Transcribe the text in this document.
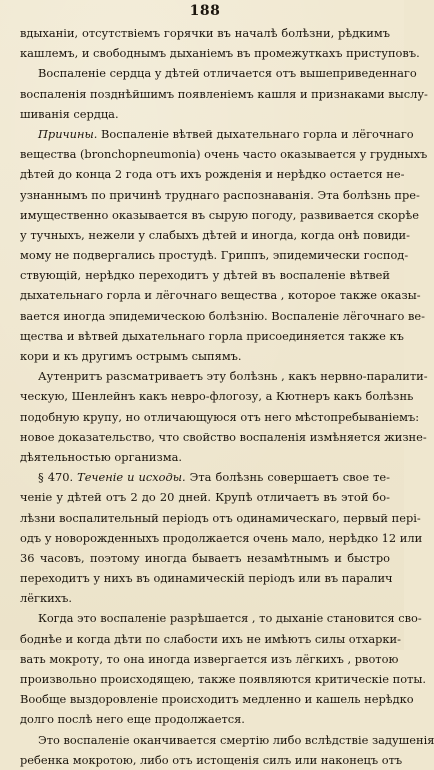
188
вдыханіи, отсутствіемъ горячки въ началѣ болѣзни, рѣдкимъ
кашлемъ, и свободнымъ дыханіемъ въ промежуткахъ приступовъ.
Воспаленіе сердца у дѣтей отличается отъ вышеприведеннаго
воспаленія позднѣйшимъ появленіемъ кашля и признаками выслу-
шиванія сердца.
Причины. Воспаленіе вѣтвей дыхательнаго горла и лёгочнаго
вещества (bronchopneumonia) очень часто оказывается у грудныхъ
дѣтей до конца 2 года отъ ихъ рожденія и нерѣдко остается не-
узнаннымъ по причинѣ труднаго распознаванія. Эта болѣзнь пре-
имущественно оказывается въ сырую погоду, развивается скорѣе
у тучныхъ, нежели у слабыхъ дѣтей и иногда, когда онѣ повиди-
мому не подвергались простудѣ. Гриппъ, эпидемически господ-
ствующій, нерѣдко переходитъ у дѣтей въ воспаленіе вѣтвей
дыхательнаго горла и лёгочнаго вещества , которое также оказы-
вается иногда эпидемическою болѣзнію. Воспаленіе лёгочнаго ве-
щества и вѣтвей дыхательнаго горла присоединяется также къ
кори и къ другимъ острымъ сыпямъ.
Аутенритъ разсматриваетъ эту болѣзнь , какъ нервно-паралити-
ческую, Шенлейнъ какъ невро-флогозу, а Кютнеръ какъ болѣзнь
подобную крупу, но отличающуюся отъ него мѣстопребываніемъ:
новое доказательство, что свойство воспаленія измѣняется жизне-
дѣятельностью организма.
§ 470. Теченіе и исходы. Эта болѣзнь совершаетъ свое те-
ченіе у дѣтей отъ 2 до 20 дней. Крупѣ отличаетъ въ этой бо-
лѣзни воспалительный періодъ отъ одинамическаго, первый пері-
одъ у новорожденныхъ продолжается очень мало, нерѣдко 12 или
36 часовъ, поэтому иногда бываетъ незамѣтнымъ и быстро
переходитъ у нихъ въ одинамическій періодъ или въ паралич
лёгкихъ.
Когда это воспаленіе разрѣшается , то дыханіе становится сво-
боднѣе и когда дѣти по слабости ихъ не имѣютъ силы отхарки-
вать мокроту, то она иногда извергается изъ лёгкихъ , рвотою
произвольно происходящею, также появляются критическіе поты.
Вообще выздоровленіе происходитъ медленно и кашель нерѣдко
долго послѣ него еще продолжается.
Это воспаленіе оканчивается смертію либо вслѣдствіе задушенія
ребенка мокротою, либо отъ истощенія силъ или наконецъ отъ
